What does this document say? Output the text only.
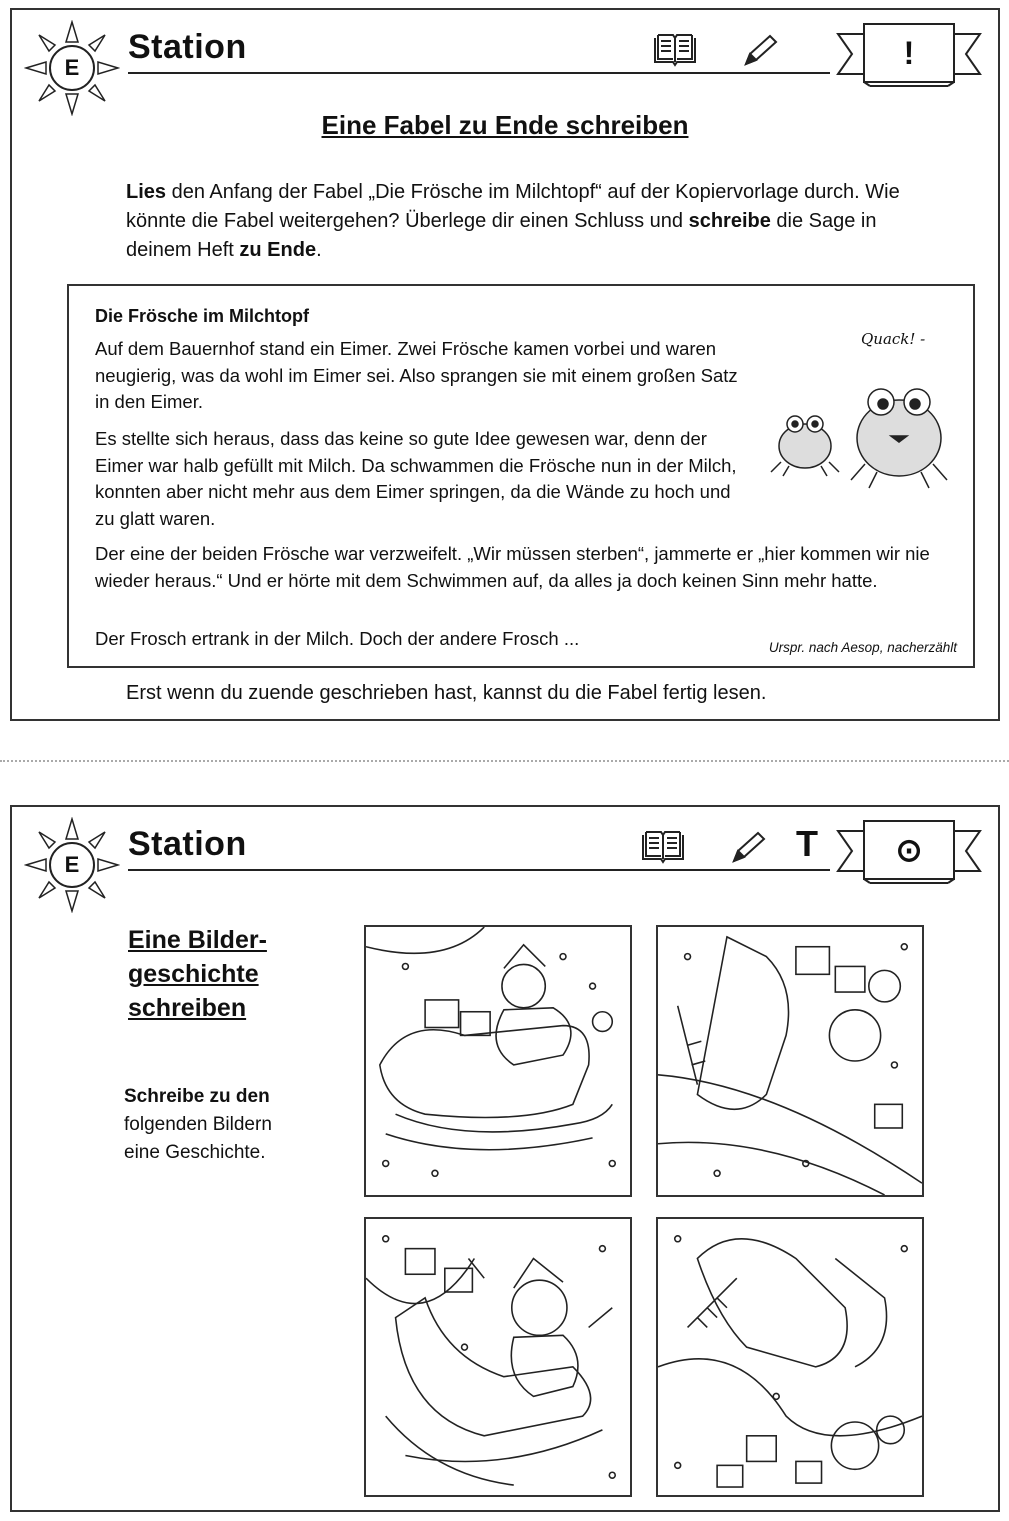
E
Station	!
Eine Fabel zu Ende schreiben
Lies den Anfang der Fabel „Die Frösche im Milchtopf“ auf der Kopiervorlage durch. Wie könnte die Fabel weitergehen? Überlege dir einen Schluss und schreibe die Sage in deinem Heft zu Ende.
Die Frösche im Milchtopf
Auf dem Bauernhof stand ein Eimer. Zwei Frösche kamen vorbei und waren neugierig, was da wohl im Eimer sei. Also sprangen sie mit einem großen Satz in den Eimer.
Es stellte sich heraus, dass das keine so gute Idee gewesen war, denn der Eimer war halb gefüllt mit Milch. Da schwammen die Frösche nun in der Milch, konnten aber nicht mehr aus dem Eimer springen, da die Wände zu hoch und zu glatt waren.
Der eine der beiden Frösche war verzweifelt. „Wir müssen sterben“, jammerte er „hier kommen wir nie wieder heraus.“ Und er hörte mit dem Schwimmen auf, da alles ja doch keinen Sinn mehr hatte.
Der Frosch ertrank in der Milch. Doch der andere Frosch ...	Urspr. nach Aesop, nacherzählt
Quack! -
Erst wenn du zuende geschrieben hast, kannst du die Fabel fertig lesen.
E
Station	T	⊙
Eine Bilder-
geschichte
schreiben
Schreibe zu den
folgenden Bildern
eine Geschichte.
